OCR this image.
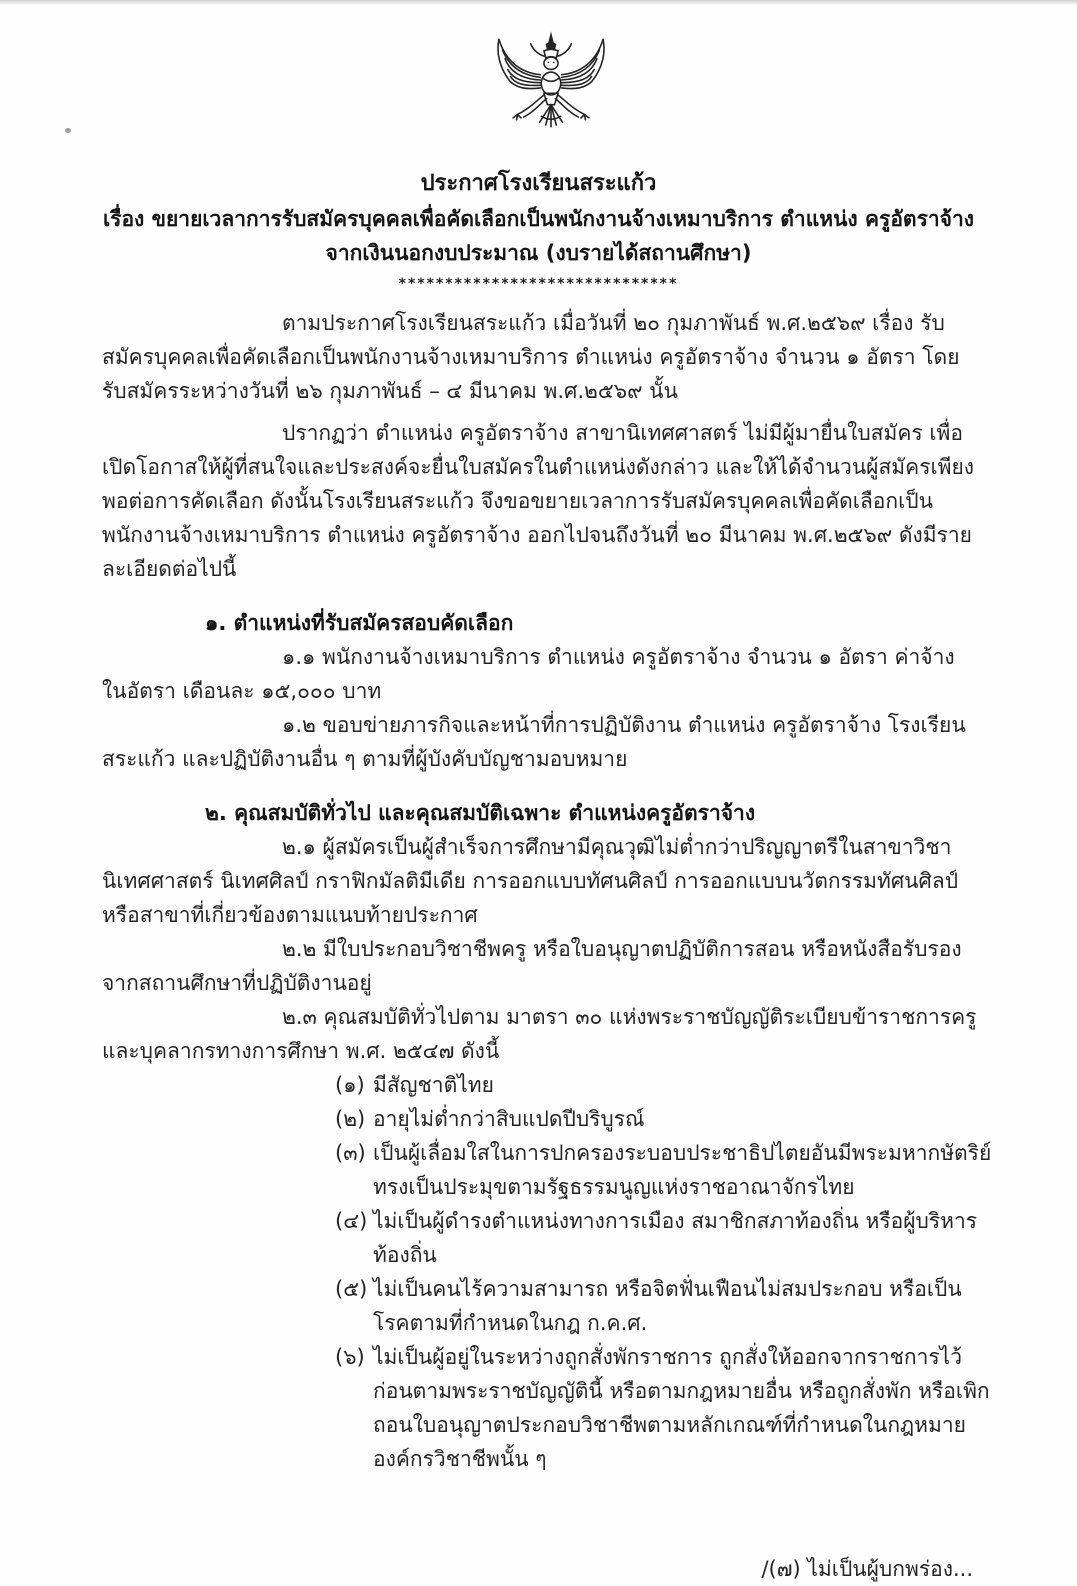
ประกาศโรงเรียนสระแก้ว
เรื่อง ขยายเวลาการรับสมัครบุคคลเพื่อคัดเลือกเป็นพนักงานจ้างเหมาบริการ ตำแหน่ง ครูอัตราจ้าง
จากเงินนอกงบประมาณ (งบรายได้สถานศึกษา)
******************************

ตามประกาศโรงเรียนสระแก้ว เมื่อวันที่ ๒๐ กุมภาพันธ์ พ.ศ.๒๕๖๙ เรื่อง รับสมัครบุคคลเพื่อคัดเลือกเป็นพนักงานจ้างเหมาบริการ ตำแหน่ง ครูอัตราจ้าง จำนวน ๑ อัตรา โดยรับสมัครระหว่างวันที่ ๒๖ กุมภาพันธ์ – ๔ มีนาคม พ.ศ.๒๕๖๙ นั้น

ปรากฏว่า ตำแหน่ง ครูอัตราจ้าง สาขานิเทศศาสตร์ ไม่มีผู้มายื่นใบสมัคร เพื่อเปิดโอกาสให้ผู้ที่สนใจและประสงค์จะยื่นใบสมัครในตำแหน่งดังกล่าว และให้ได้จำนวนผู้สมัครเพียงพอต่อการคัดเลือก ดังนั้นโรงเรียนสระแก้ว จึงขอขยายเวลาการรับสมัครบุคคลเพื่อคัดเลือกเป็นพนักงานจ้างเหมาบริการ ตำแหน่ง ครูอัตราจ้าง ออกไปจนถึงวันที่ ๒๐ มีนาคม พ.ศ.๒๕๖๙ ดังมีรายละเอียดต่อไปนี้

๑. ตำแหน่งที่รับสมัครสอบคัดเลือก

๑.๑ พนักงานจ้างเหมาบริการ ตำแหน่ง ครูอัตราจ้าง จำนวน ๑ อัตรา ค่าจ้างในอัตรา เดือนละ ๑๕,๐๐๐ บาท

๑.๒ ขอบข่ายภารกิจและหน้าที่การปฏิบัติงาน ตำแหน่ง ครูอัตราจ้าง โรงเรียนสระแก้ว และปฏิบัติงานอื่น ๆ ตามที่ผู้บังคับบัญชามอบหมาย

๒. คุณสมบัติทั่วไป และคุณสมบัติเฉพาะ ตำแหน่งครูอัตราจ้าง

๒.๑ ผู้สมัครเป็นผู้สำเร็จการศึกษามีคุณวุฒิไม่ต่ำกว่าปริญญาตรีในสาขาวิชานิเทศศาสตร์ นิเทศศิลป์ กราฟิกมัลติมีเดีย การออกแบบทัศนศิลป์ การออกแบบนวัตกรรมทัศนศิลป์ หรือสาขาที่เกี่ยวข้องตามแนบท้ายประกาศ

๒.๒ มีใบประกอบวิชาชีพครู หรือใบอนุญาตปฏิบัติการสอน หรือหนังสือรับรองจากสถานศึกษาที่ปฏิบัติงานอยู่

๒.๓ คุณสมบัติทั่วไปตาม มาตรา ๓๐ แห่งพระราชบัญญัติระเบียบข้าราชการครูและบุคลากรทางการศึกษา พ.ศ. ๒๕๔๗ ดังนี้

(๑) มีสัญชาติไทย
(๒) อายุไม่ต่ำกว่าสิบแปดปีบริบูรณ์
(๓) เป็นผู้เลื่อมใสในการปกครองระบอบประชาธิปไตยอันมีพระมหากษัตริย์ทรงเป็นประมุขตามรัฐธรรมนูญแห่งราชอาณาจักรไทย
(๔) ไม่เป็นผู้ดำรงตำแหน่งทางการเมือง สมาชิกสภาท้องถิ่น หรือผู้บริหารท้องถิ่น
(๕) ไม่เป็นคนไร้ความสามารถ หรือจิตฟั่นเฟือนไม่สมประกอบ หรือเป็นโรคตามที่กำหนดในกฎ ก.ค.ศ.
(๖) ไม่เป็นผู้อยู่ในระหว่างถูกสั่งพักราชการ ถูกสั่งให้ออกจากราชการไว้ก่อนตามพระราชบัญญัตินี้ หรือตามกฎหมายอื่น หรือถูกสั่งพัก หรือเพิกถอนใบอนุญาตประกอบวิชาชีพตามหลักเกณฑ์ที่กำหนดในกฎหมายองค์กรวิชาชีพนั้น ๆ
/(๗) ไม่เป็นผู้บกพร่อง...
